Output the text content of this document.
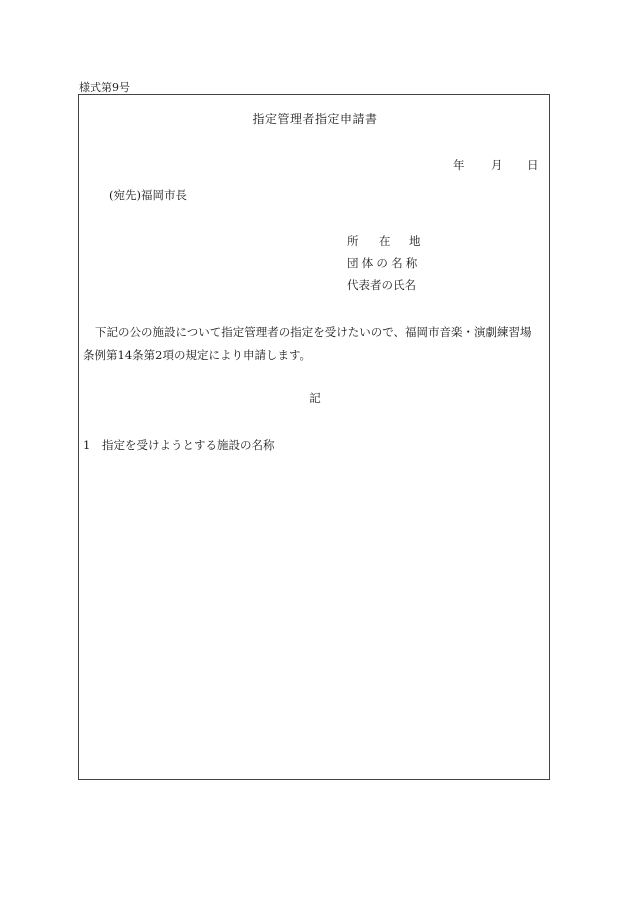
様式第9号
指定管理者指定申請書
年 月 日
(宛先)福岡市長
所 在 地
団体の名称
代表者の氏名
下記の公の施設について指定管理者の指定を受けたいので、福岡市音楽・演劇練習場
条例第14条第2項の規定により申請します。
記
1 指定を受けようとする施設の名称
